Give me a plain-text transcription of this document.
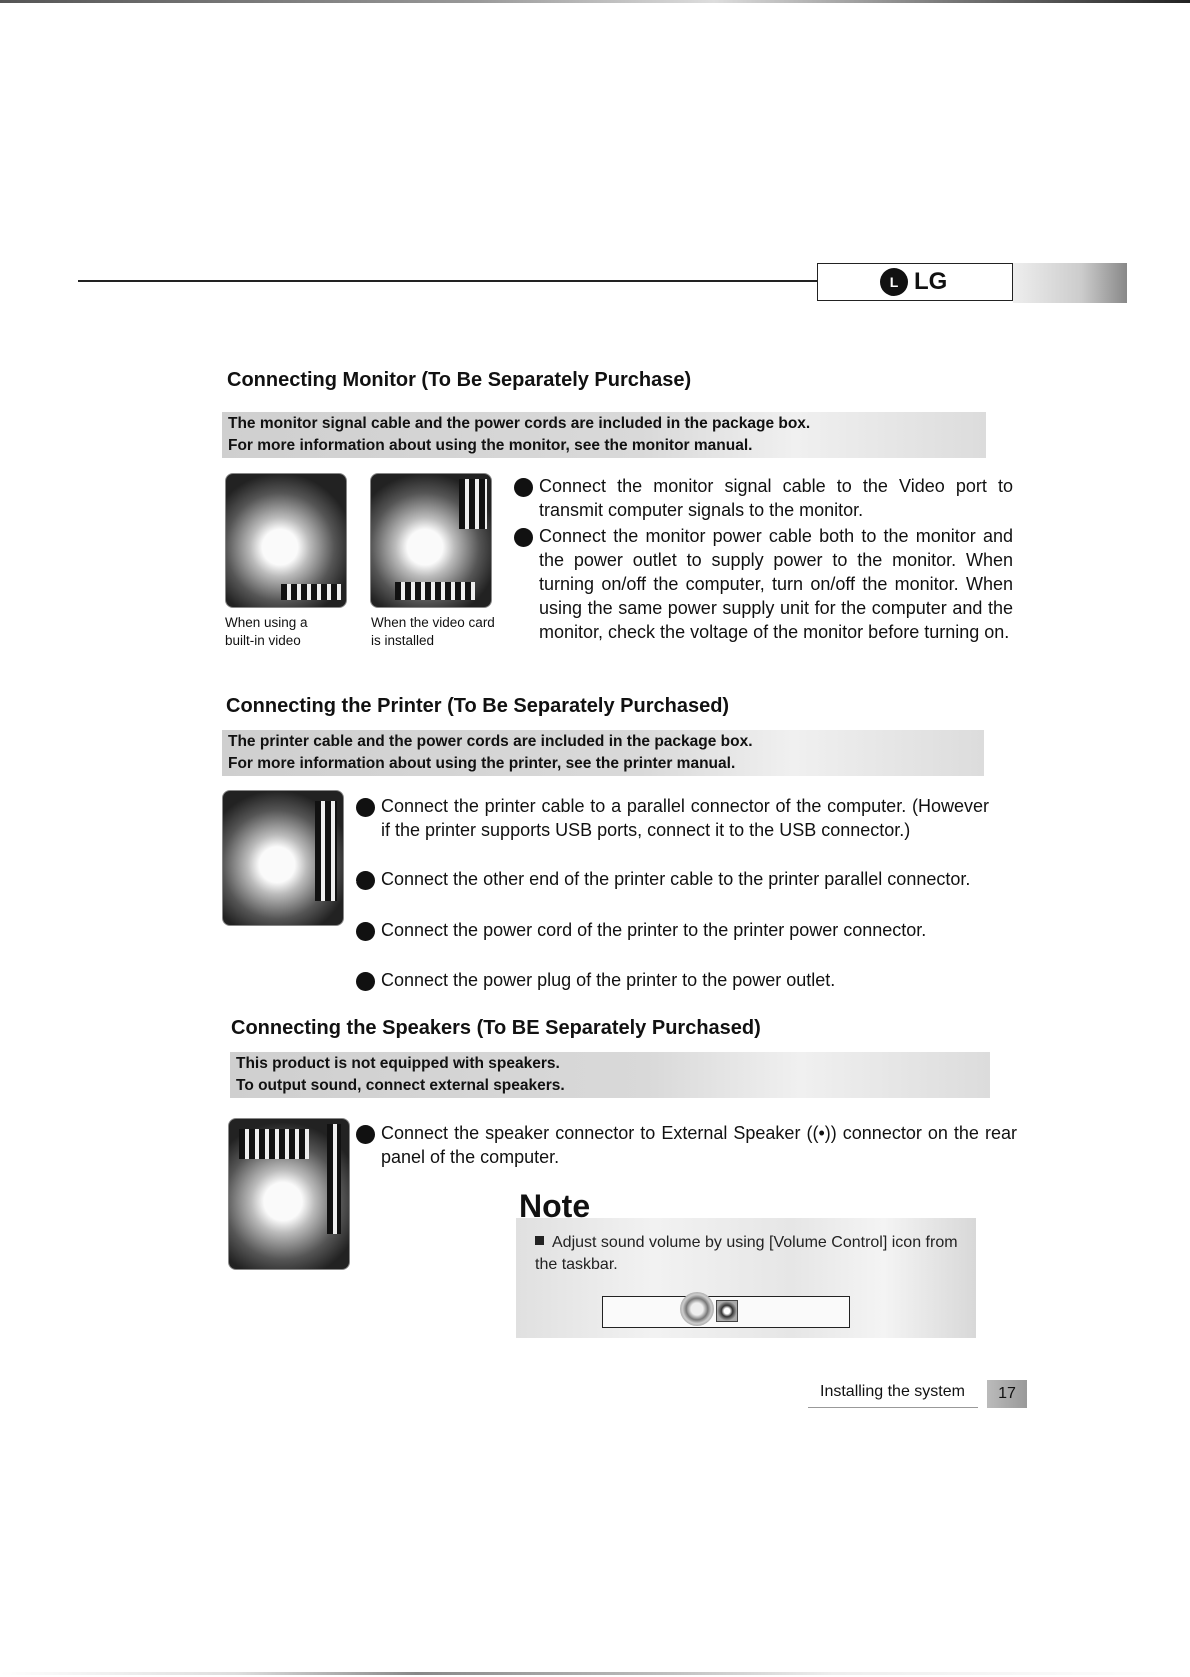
L LG
Connecting Monitor (To Be Separately Purchase)
The monitor signal cable and the power cords are included in the package box.
For more information about using the monitor, see the monitor manual.
When using a built-in video
When the video card is installed
1 Connect the monitor signal cable to the Video port to transmit computer signals to the monitor.
2 Connect the monitor power cable both to the monitor and the power outlet to supply power to the monitor. When turning on/off the computer, turn on/off the monitor. When using the same power supply unit for the computer and the monitor, check the voltage of the monitor before turning on.
Connecting the Printer (To Be Separately Purchased)
The printer cable and the power cords are included in the package box.
For more information about using the printer, see the printer manual.
3 Connect the printer cable to a parallel connector of the computer. (However if the printer supports USB ports, connect it to the USB connector.)
4 Connect the other end of the printer cable to the printer parallel connector.
5 Connect the power cord of the printer to the printer power connector.
6 Connect the power plug of the printer to the power outlet.
Connecting the Speakers (To BE Separately Purchased)
This product is not equipped with speakers.
To output sound, connect external speakers.
8 Connect the speaker connector to External Speaker ((•)) connector on the rear panel of the computer.
Note
Adjust sound volume by using [Volume Control] icon from the taskbar.
Installing the system	17
